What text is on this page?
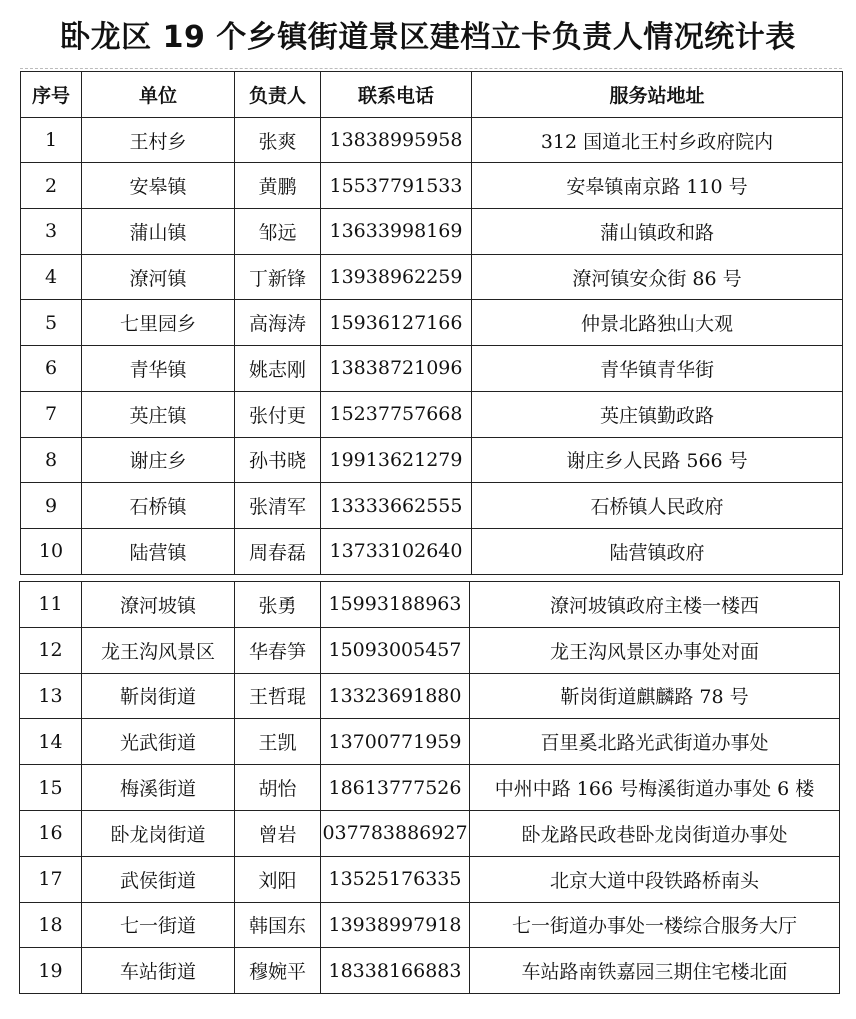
卧龙区 19 个乡镇街道景区建档立卡负责人情况统计表
序号	单位	负责人	联系电话	服务站地址
1	王村乡	张爽	13838995958	312 国道北王村乡政府院内
2	安皋镇	黄鹏	15537791533	安皋镇南京路 110 号
3	蒲山镇	邹远	13633998169	蒲山镇政和路
4	潦河镇	丁新锋	13938962259	潦河镇安众街 86 号
5	七里园乡	高海涛	15936127166	仲景北路独山大观
6	青华镇	姚志刚	13838721096	青华镇青华街
7	英庄镇	张付更	15237757668	英庄镇勤政路
8	谢庄乡	孙书晓	19913621279	谢庄乡人民路 566 号
9	石桥镇	张清军	13333662555	石桥镇人民政府
10	陆营镇	周春磊	13733102640	陆营镇政府
11	潦河坡镇	张勇	15993188963	潦河坡镇政府主楼一楼西
12	龙王沟风景区	华春笋	15093005457	龙王沟风景区办事处对面
13	靳岗街道	王哲琨	13323691880	靳岗街道麒麟路 78 号
14	光武街道	王凯	13700771959	百里奚北路光武街道办事处
15	梅溪街道	胡怡	18613777526	中州中路 166 号梅溪街道办事处 6 楼
16	卧龙岗街道	曾岩	037783886927	卧龙路民政巷卧龙岗街道办事处
17	武侯街道	刘阳	13525176335	北京大道中段铁路桥南头
18	七一街道	韩国东	13938997918	七一街道办事处一楼综合服务大厅
19	车站街道	穆婉平	18338166883	车站路南铁嘉园三期住宅楼北面
